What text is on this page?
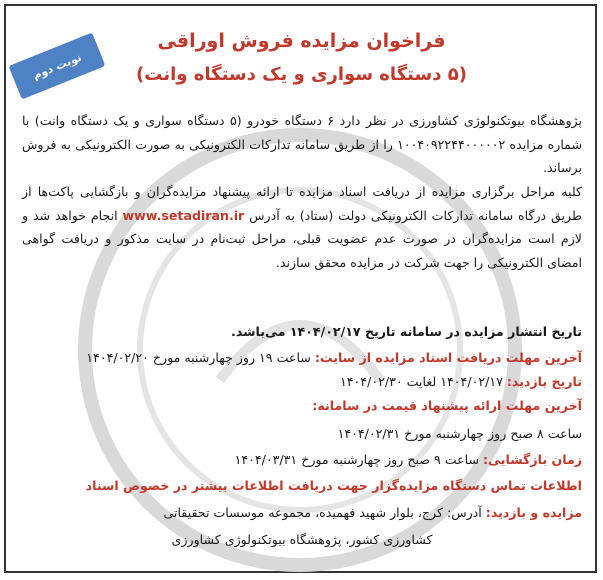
نوبت دوم
فراخوان مزایده فروش اوراقی
(۵ دستگاه سواری و یک دستگاه وانت)
پژوهشگاه بیوتکنولوژی کشاورزی در نظر دارد ۶ دستگاه خودرو (۵ دستگاه سواری و یک دستگاه وانت) با شماره مزایده ۱۰۰۴۰۹۲۲۴۴۰۰۰۰۰۲ را از طریق سامانه تدارکات الکترونیکی به صورت الکترونیکی به فروش برساند.
کلیه مراحل برگزاری مزایده از دریافت اسناد مزایده تا ارائه پیشنهاد مزایده‌گران و بازگشایی پاکت‌ها از طریق درگاه سامانه تدارکات الکترونیکی دولت (ستاد) به آدرس www.setadiran.ir انجام خواهد شد و لازم است مزایده‌گران در صورت عدم عضویت قبلی، مراحل ثبت‌نام در سایت مذکور و دریافت گواهی امضای الکترونیکی را جهت شرکت در مزایده محقق سازند.
تاریخ انتشار مزایده در سامانه تاریخ ۱۴۰۴/۰۲/۱۷ می‌باشد.
آخرین مهلت دریافت اسناد مزایده از سایت: ساعت ۱۹ روز چهارشنبه مورخ ۱۴۰۴/۰۲/۲۰
تاریخ بازدید: ۱۴۰۴/۰۲/۱۷ لغایت ۱۴۰۴/۰۲/۳۰
آخرین مهلت ارائه پیشنهاد قیمت در سامانه:
ساعت ۸ صبح روز چهارشنبه مورخ ۱۴۰۴/۰۲/۳۱
زمان بازگشایی: ساعت ۹ صبح روز چهارشنبه مورخ ۱۴۰۴/۰۳/۳۱
اطلاعات تماس دستگاه مزایده‌گزار جهت دریافت اطلاعات بیشتر در خصوص اسناد
مزایده و بازدید: آدرس: کرج، بلوار شهید فهمیده، مجموعه موسسات تحقیقاتی
کشاورزی کشور، پژوهشگاه بیوتکنولوژی کشاورزی
